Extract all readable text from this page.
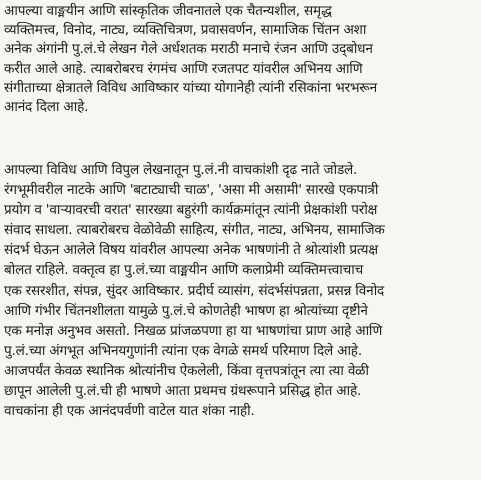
आपल्या वाङ्मयीन आणि सांस्कृतिक जीवनातले एक चैतन्यशील, समृद्ध
व्यक्तिमत्त्व, विनोद, नाट्य, व्यक्तिचित्रण, प्रवासवर्णन, सामाजिक चिंतन अशा
अनेक अंगांनी पु.लं.चे लेखन गेले अर्धशतक मराठी मनाचे रंजन आणि उद्‍बोधन
करीत आले आहे. त्याबरोबरच रंगमंच आणि रजतपट यांवरील अभिनय आणि
संगीताच्या क्षेत्रातले विविध आविष्कार यांच्या योगानेही त्यांनी रसिकांना भरभरून
आनंद दिला आहे.
आपल्या विविध आणि विपुल लेखनातून पु.लं.नी वाचकांशी दृढ नाते जोडले.
रंगभूमीवरील नाटके आणि 'बटाट्याची चाळ', 'असा मी असामी' सारखे एकपात्री
प्रयोग व 'वाऱ्यावरची वरात' सारख्या बहुरंगी कार्यक्रमांतून त्यांनी प्रेक्षकांशी परोक्ष
संवाद साधला. त्याबरोबरच वेळोवेळी साहित्य, संगीत, नाट्य, अभिनय, सामाजिक
संदर्भ घेऊन आलेले विषय यांवरील आपल्या अनेक भाषणांनी ते श्रोत्यांशी प्रत्यक्ष
बोलत राहिले. वक्तृत्व हा पु.लं.च्या वाङ्मयीन आणि कलाप्रेमी व्यक्तिमत्त्वाचाच
एक रसरशीत, संपन्न, सुंदर आविष्कार. प्रदीर्घ व्यासंग, संदर्भसंपन्नता, प्रसन्न विनोद
आणि गंभीर चिंतनशीलता यामुळे पु.लं.चे कोणतेही भाषण हा श्रोत्यांच्या दृष्टीने
एक मनोज्ञ अनुभव असतो. निखळ प्रांजळपणा हा या भाषणांचा प्राण आहे आणि
पु.लं.च्या अंगभूत अभिनयगुणांनी त्यांना एक वेगळे समर्थ परिमाण दिले आहे.
आजपर्यंत केवळ स्थानिक श्रोत्यांनीच ऐकलेली, किंवा वृत्तपत्रांतून त्या त्या वेळी
छापून आलेली पु.लं.ची ही भाषणे आता प्रथमच ग्रंथरूपाने प्रसिद्ध होत आहे.
वाचकांना ही एक आनंदपर्वणी वाटेल यात शंका नाही.
